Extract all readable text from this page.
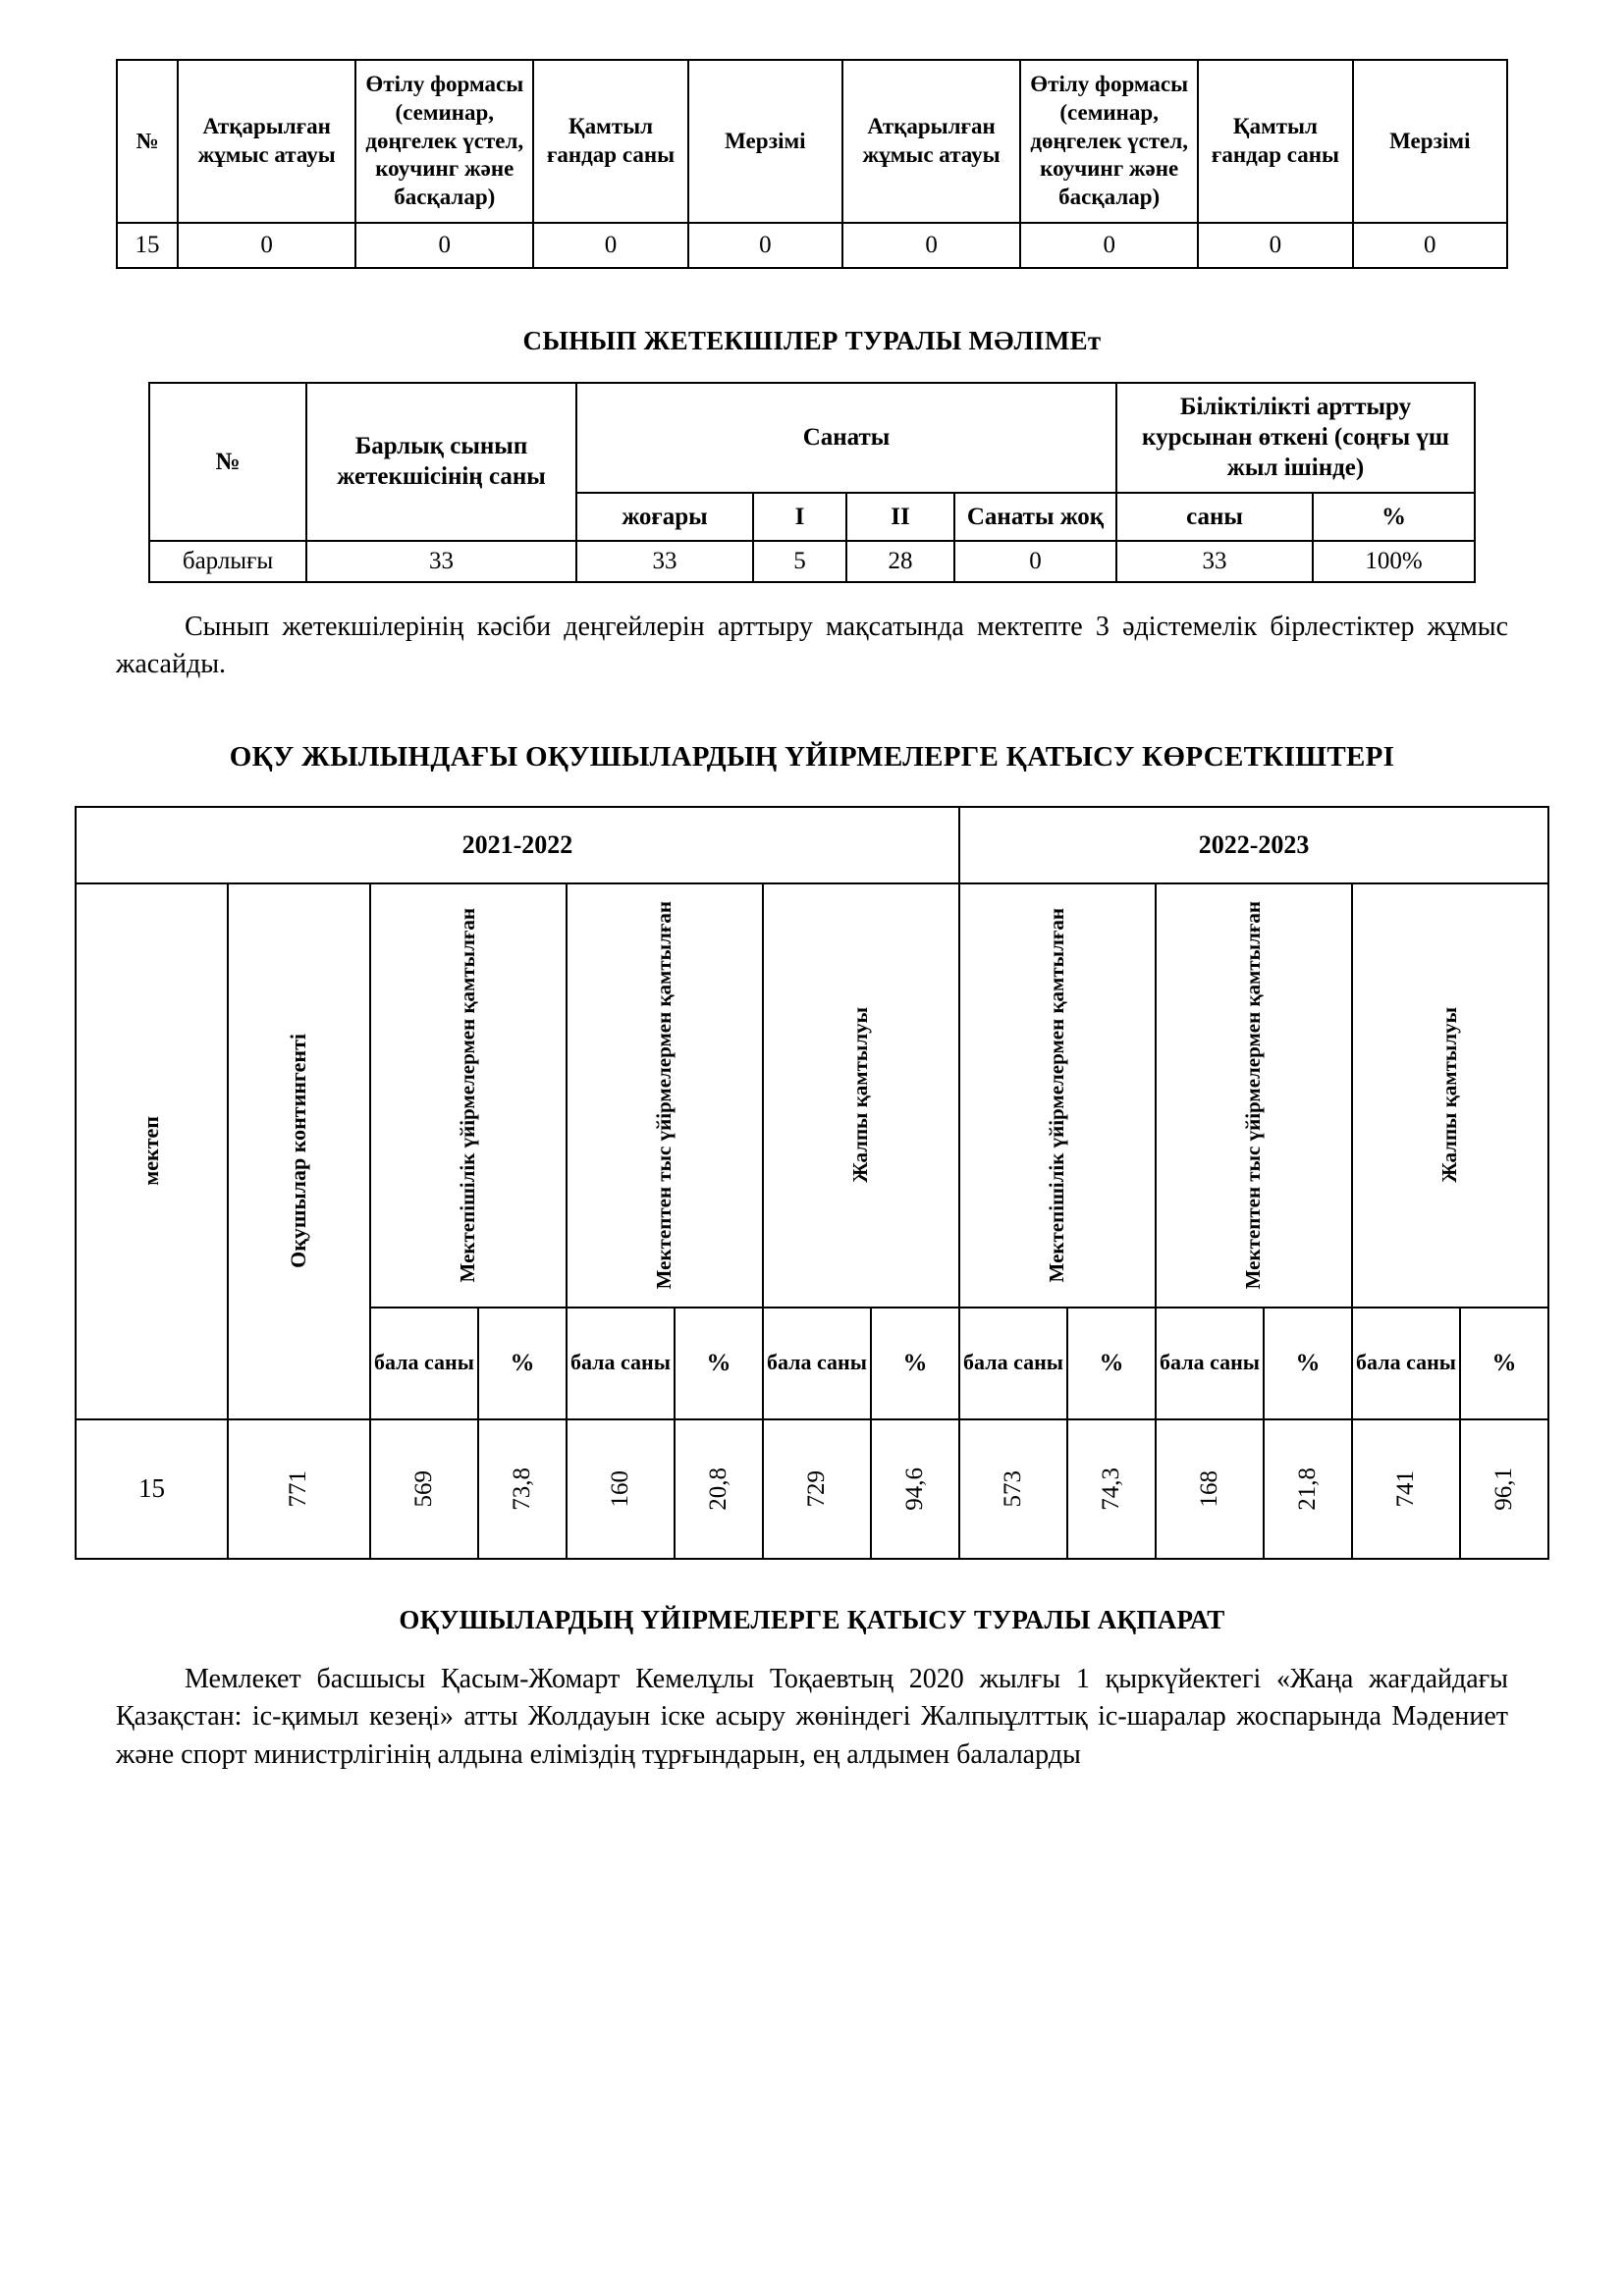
№	Атқарылған жұмыс атауы	Өтілу формасы (семинар, дөңгелек үстел, коучинг және басқалар)	Қамтыл ғандар саны	Мерзімі	Атқарылған жұмыс атауы	Өтілу формасы (семинар, дөңгелек үстел, коучинг және басқалар)	Қамтыл ғандар саны	Мерзімі
15	0	0	0	0	0	0	0	0
СЫНЫП ЖЕТЕКШІЛЕР ТУРАЛЫ МӘЛІМЕт
№	Барлық сынып жетекшісінің саны	Санаты				Біліктілікті арттыру курсынан өткені (соңғы үш жыл ішінде)	
		жоғары	I	II	Санаты жоқ	саны	%
барлығы	33	33	5	28	0	33	100%

Сынып жетекшілерінің кәсіби деңгейлерін арттыру мақсатында мектепте 3 әдістемелік бірлестіктер жұмыс жасайды.

ОҚУ ЖЫЛЫНДАҒЫ ОҚУШЫЛАРДЫҢ ҮЙІРМЕЛЕРГЕ ҚАТЫСУ КӨРСЕТКІШТЕРІ
2021-2022								2022-2023					

мектеп	Оқушылар контингенті	Мектепішілік үйірмелермен қамтылған		Мектептен тыс үйірмелермен қамтылған		Жалпы қамтылуы		Мектепішілік үйірмелермен қамтылған		Мектептен тыс үйірмелермен қамтылған		Жалпы қамтылуы	

		бала саны	%	бала саны	%	бала саны	%	бала саны	%	бала саны	%	бала саны	%

15	771	569	73,8	160	20,8	729	94,6	573	74,3	168	21,8	741	96,1
ОҚУШЫЛАРДЫҢ ҮЙІРМЕЛЕРГЕ ҚАТЫСУ ТУРАЛЫ АҚПАРАТ

Мемлекет басшысы Қасым-Жомарт Кемелұлы Тоқаевтың 2020 жылғы 1 қыркүйектегі «Жаңа жағдайдағы Қазақстан: іс-қимыл кезеңі» атты Жолдауын іске асыру жөніндегі Жалпыұлттық іс-шаралар жоспарында Мәдениет және спорт министрлігінің алдына еліміздің тұрғындарын, ең алдымен балаларды
